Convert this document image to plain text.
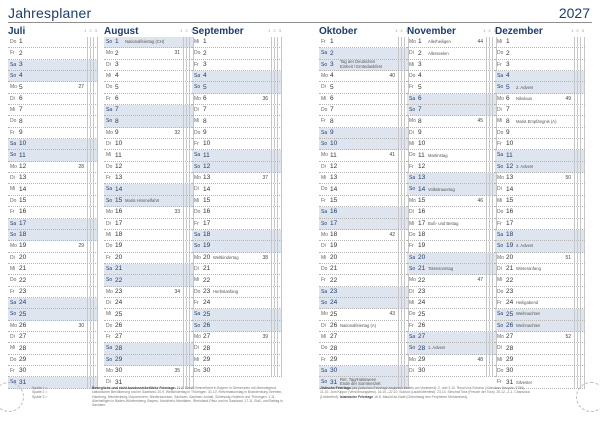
Jahresplaner	2027
Juli	1 2 3
Do 1
Fr 2
Sa 3
So 4
Mo 5	27
Di 6
Mi 7
Do 8
Fr 9
Sa 10
So 11
Mo 12	28
Di 13
Mi 14
Do 15
Fr 16
Sa 17
So 18
Mo 19	29
Di 20
Mi 21
Do 22
Fr 23
Sa 24
So 25
Mo 26	30
Di 27
Mi 28
Do 29
Fr 30
Sa 31
August	1 2 3
So 1 Nationalfeiertag (CH)
Mo 2	31
Di 3
Mi 4
Do 5
Fr 6
Sa 7
So 8
Mo 9	32
Di 10
Mi 11
Do 12
Fr 13
Sa 14
So 15 Mariä Himmelfahrt
Mo 16	33
Di 17
Mi 18
Do 19
Fr 20
Sa 21
So 22
Mo 23	34
Di 24
Mi 25
Do 26
Fr 27
Sa 28
So 29
Mo 30	35
Di 31
September	1 2 3
Mi 1
Do 2
Fr 3
Sa 4
So 5
Mo 6	36
Di 7
Mi 8
Do 9
Fr 10
Sa 11
So 12
Mo 13	37
Di 14
Mi 15
Do 16
Fr 17
Sa 18
So 19
Mo 20 Weltkindertag	38
Di 21
Mi 22
Do 23 Herbstanfang
Fr 24
Sa 25
So 26
Mo 27	39
Di 28
Mi 29
Do 30
Oktober	1 2 3
Fr 1
Sa 2
So 3 Tag der Deutschen Einheit / Erntedankfest
Mo 4	40
Di 5
Mi 6
Do 7
Fr 8
Sa 9
So 10
Mo 11	41
Di 12
Mi 13
Do 14
Fr 15
Sa 16
So 17
Mo 18	42
Di 19
Mi 20
Do 21
Fr 22
Sa 23
So 24
Mo 25	43
Di 26 Nationalfeiertag (A)
Mi 27
Do 28
Fr 29
Sa 30
So 31 Ref. Tag/Halloween Ende der Sommerzeit
November	1 2 3
Mo 1 Allerheiligen	44
Di 2 Allerseelen
Mi 3
Do 4
Fr 5
Sa 6
So 7
Mo 8	45
Di 9
Mi 10
Do 11 Martinstag
Fr 12
Sa 13
So 14 Volkstrauertag
Mo 15	46
Di 16
Mi 17 Buß- und Bettag
Do 18
Fr 19
Sa 20
So 21 Totensonntag
Mo 22	47
Di 23
Mi 24
Do 25
Fr 26
Sa 27
So 28 1. Advent
Mo 29	48
Di 30
Dezember	1 2 3
Mi 1
Do 2
Fr 3
Sa 4
So 5 2. Advent
Mo 6 Nikolaus	49
Di 7
Mi 8 Mariä Empfängnis (A)
Do 9
Fr 10
Sa 11
So 12 3. Advent
Mo 13	50
Di 14
Mi 15
Do 16
Fr 17
Sa 18
So 19 4. Advent
Mo 20	51
Di 21 Winteranfang
Mi 22
Do 23
Fr 24 Heiligabend
Sa 25 Weihnachten
So 26 Weihnachten
Mo 27	52
Di 28
Mi 29
Do 30
Fr 31 Silvester
Spalte 1 =
Spalte 2 =
Spalte 3 =
Bewegliche und nicht bundeseinheitliche Feiertage: 15.8. Mariä Himmelfahrt in Bayern in Gemeinden mit überwiegend katholischer Bevölkerung und im Saarland. 20.9. Weltkindertag in Thüringen. 31.10. Reformationstag in Brandenburg, Bremen, Hamburg, Mecklenburg-Vorpommern, Niedersachsen, Sachsen, Sachsen-Anhalt, Schleswig-Holstein und Thüringen. 1.11. Allerheiligen in Baden-Württemberg, Bayern, Nordrhein-Westfalen, Rheinland-Pfalz und im Saarland. 17.11. Buß- und Bettag in Sachsen.
Jüdische Feiertage (die jüdischen Feiertage beginnen bereits am Vorabend): 2. und 3.10. Rosch ha-Schana (Jüdisches Neujahr, 5788). 11.10. Jom Kippur (Versöhnungsfest). 16.10.–22.10. Sukkot (Laubhüttenfest). 23.10. Simchat Tora (Freude der Tora). 25.12.–1.1. Chanukka (Lichterfest). Islamische Feiertage 16.8. Maulid an-Nabi (Geburtstag des Propheten Mohammed).
